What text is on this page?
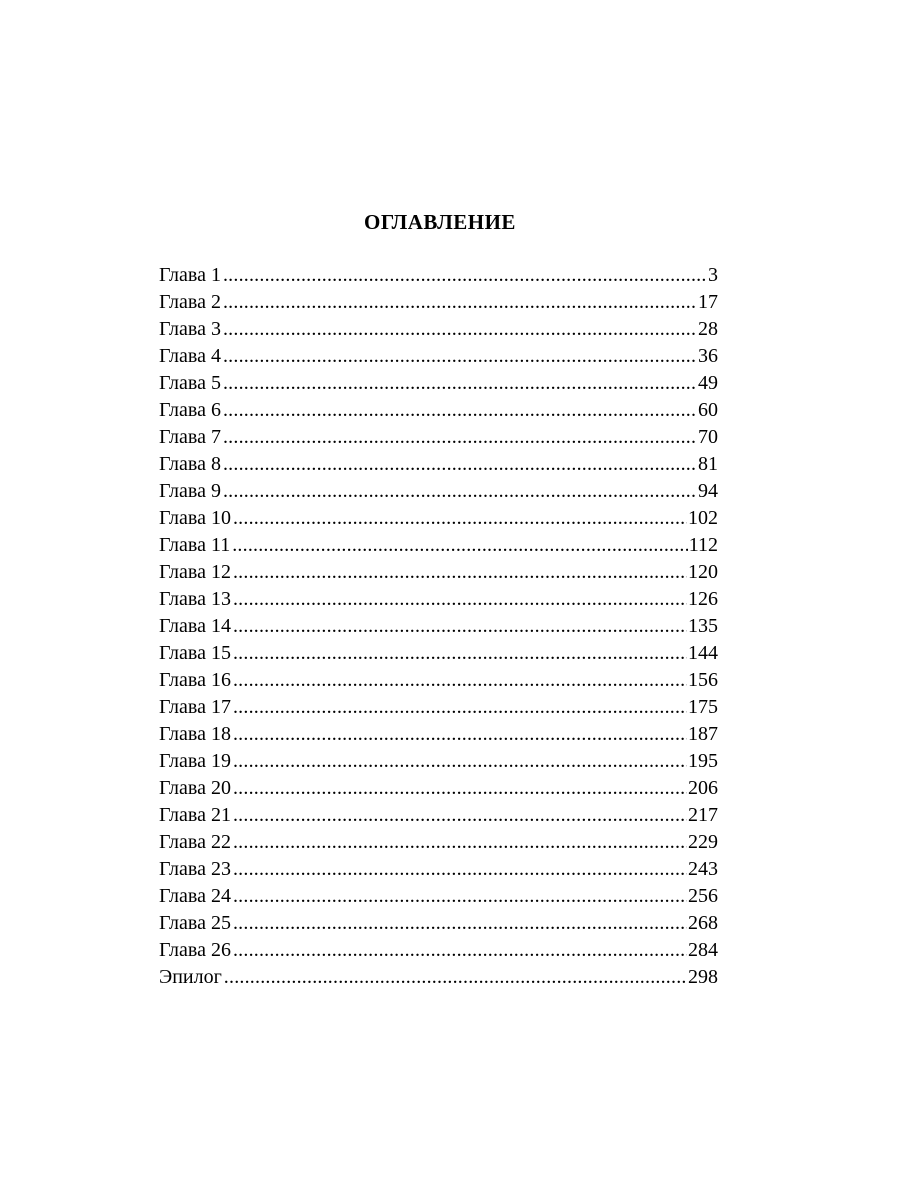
ОГЛАВЛЕНИЕ
Глава 1 .....	3
Глава 2 .....	17
Глава 3 .....	28
Глава 4 .....	36
Глава 5 .....	49
Глава 6 .....	60
Глава 7 .....	70
Глава 8 .....	81
Глава 9 .....	94
Глава 10 .....	102
Глава 11 .....	112
Глава 12 .....	120
Глава 13 .....	126
Глава 14 .....	135
Глава 15 .....	144
Глава 16 .....	156
Глава 17 .....	175
Глава 18 .....	187
Глава 19 .....	195
Глава 20 .....	206
Глава 21 .....	217
Глава 22 .....	229
Глава 23 .....	243
Глава 24 .....	256
Глава 25 .....	268
Глава 26 .....	284
Эпилог .....	298
